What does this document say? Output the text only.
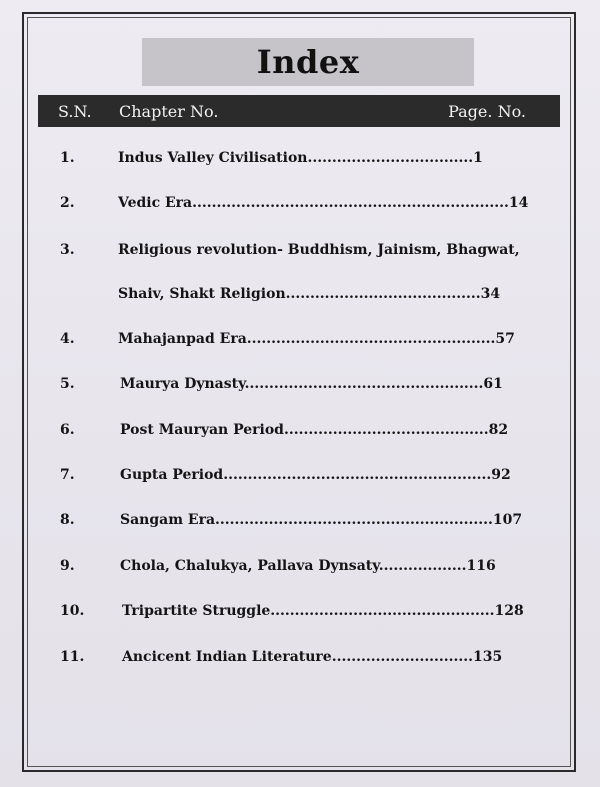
Index
S.N. Chapter No.	Page. No.
1.	Indus Valley Civilisation..................................1
2.	Vedic Era.................................................................14
3.	Religious revolution- Buddhism, Jainism, Bhagwat,
Shaiv, Shakt Religion........................................34
4.	Mahajanpad Era...................................................57
5.	Maurya Dynasty.................................................61
6.	Post Mauryan Period..........................................82
7.	Gupta Period.......................................................92
8.	Sangam Era.........................................................107
9.	Chola, Chalukya, Pallava Dynsaty..................116
10.	Tripartite Struggle..............................................128
11.	Ancicent Indian Literature.............................135
